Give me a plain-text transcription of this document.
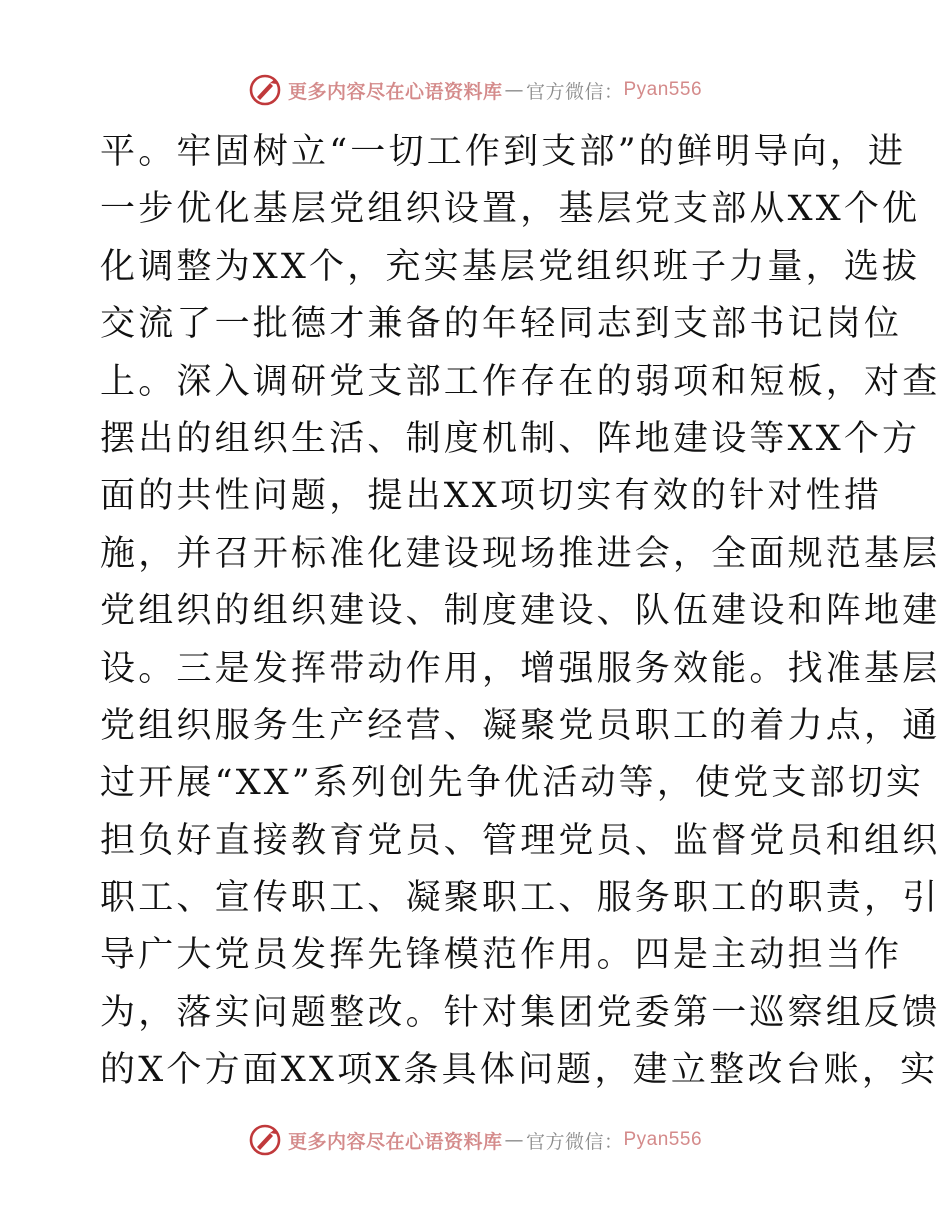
更多内容尽在心语资料库 — 官方微信： Pyan556
平。牢固树立“一切工作到支部”的鲜明导向，进
一步优化基层党组织设置，基层党支部从XX个优
化调整为XX个，充实基层党组织班子力量，选拔
交流了一批德才兼备的年轻同志到支部书记岗位
上。深入调研党支部工作存在的弱项和短板，对查
摆出的组织生活、制度机制、阵地建设等XX个方
面的共性问题，提出XX项切实有效的针对性措
施，并召开标准化建设现场推进会，全面规范基层
党组织的组织建设、制度建设、队伍建设和阵地建
设。三是发挥带动作用，增强服务效能。找准基层
党组织服务生产经营、凝聚党员职工的着力点，通
过开展“XX”系列创先争优活动等，使党支部切实
担负好直接教育党员、管理党员、监督党员和组织
职工、宣传职工、凝聚职工、服务职工的职责，引
导广大党员发挥先锋模范作用。四是主动担当作
为，落实问题整改。针对集团党委第一巡察组反馈
的X个方面XX项X条具体问题，建立整改台账，实
更多内容尽在心语资料库 — 官方微信： Pyan556
